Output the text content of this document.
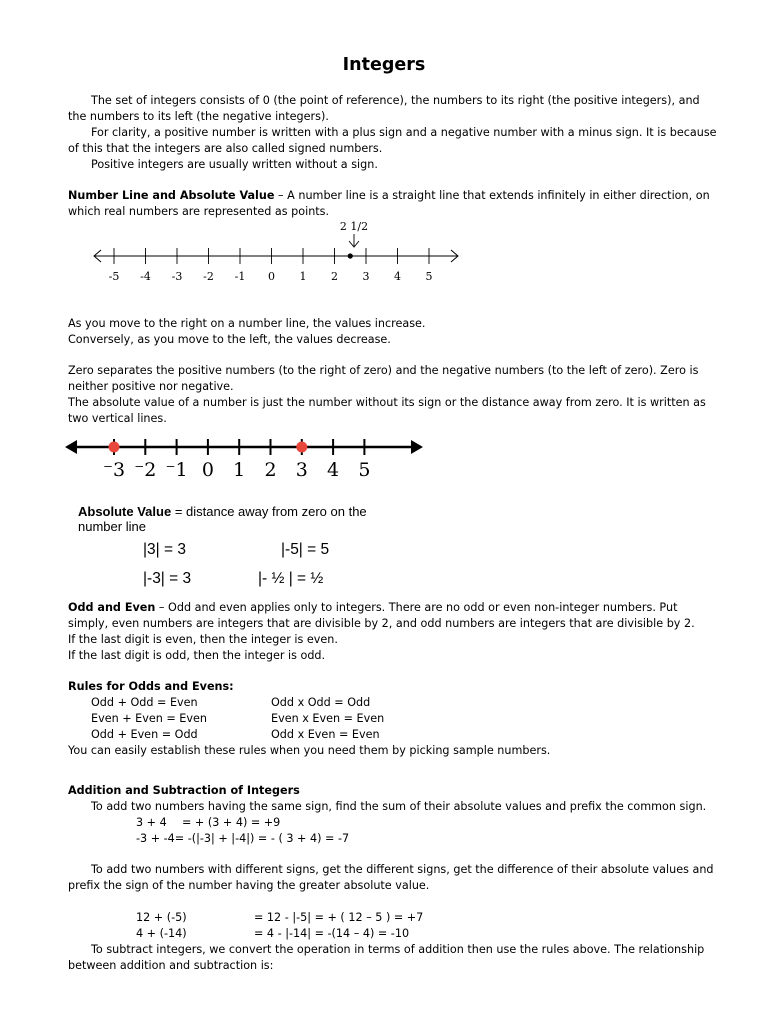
Integers
The set of integers consists of 0 (the point of reference), the numbers to its right (the positive integers), and the numbers to its left (the negative integers).
For clarity, a positive number is written with a plus sign and a negative number with a minus sign. It is because of this that the integers are also called signed numbers.
Positive integers are usually written without a sign.
Number Line and Absolute Value – A number line is a straight line that extends infinitely in either direction, on which real numbers are represented as points.
2 1/2
-5 -4 -3 -2 -1 0 1 2 3 4 5
As you move to the right on a number line, the values increase.
Conversely, as you move to the left, the values decrease.
Zero separates the positive numbers (to the right of zero) and the negative numbers (to the left of zero). Zero is neither positive nor negative.
The absolute value of a number is just the number without its sign or the distance away from zero. It is written as two vertical lines.
⁻3 ⁻2 ⁻1 0 1 2 3 4 5
Absolute Value = distance away from zero on the number line
|3| = 3	|-5| = 5
|-3| = 3	|- ½ | = ½
Odd and Even – Odd and even applies only to integers. There are no odd or even non-integer numbers. Put simply, even numbers are integers that are divisible by 2, and odd numbers are integers that are divisible by 2.
If the last digit is even, then the integer is even.
If the last digit is odd, then the integer is odd.
Rules for Odds and Evens:
Odd + Odd = Even	Odd x Odd = Odd
Even + Even = Even	Even x Even = Even
Odd + Even = Odd	Odd x Even = Even
You can easily establish these rules when you need them by picking sample numbers.
Addition and Subtraction of Integers
To add two numbers having the same sign, find the sum of their absolute values and prefix the common sign.
3 + 4 = + (3 + 4) = +9
-3 + -4= -(|-3| + |-4|) = - ( 3 + 4) = -7
To add two numbers with different signs, get the different signs, get the difference of their absolute values and prefix the sign of the number having the greater absolute value.
12 + (-5)	= 12 - |-5| = + ( 12 – 5 ) = +7
4 + (-14)	= 4 - |-14| = -(14 – 4) = -10
To subtract integers, we convert the operation in terms of addition then use the rules above. The relationship between addition and subtraction is:
